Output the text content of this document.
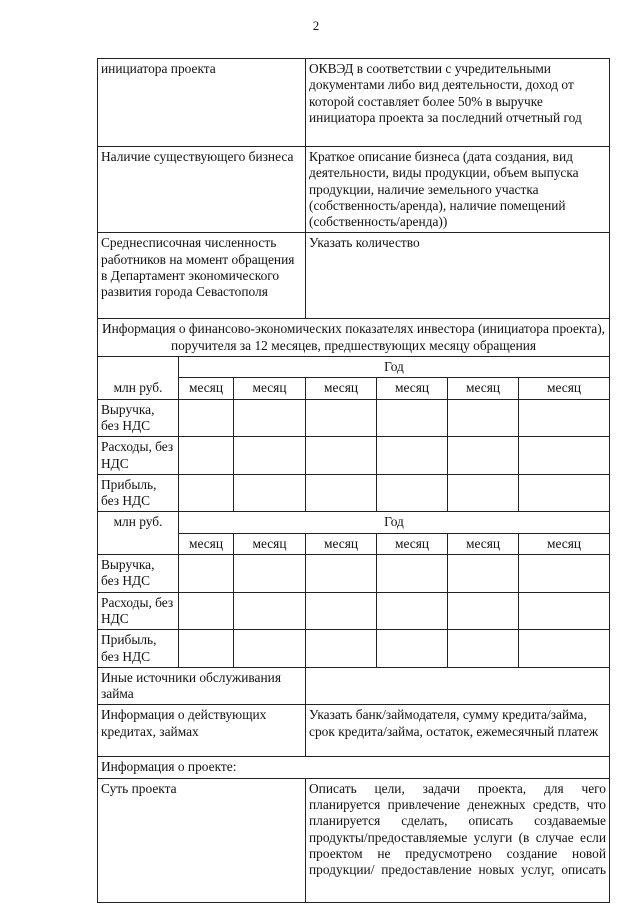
2
инициатора проекта			ОКВЭД в соответствии с учредительными документами либо вид деятельности, доход от которой составляет более 50% в выручке инициатора проекта за последний отчетный год			
Наличие существующего бизнеса			Краткое описание бизнеса (дата создания, вид деятельности, виды продукции, объем выпуска продукции, наличие земельного участка (собственность/аренда), наличие помещений (собственность/аренда))			
Среднесписочная численность работников на момент обращения в Департамент экономического развития города Севастополя			Указать количество			
Информация о финансово-экономических показателях инвестора (инициатора проекта), поручителя за 12 месяцев, предшествующих месяцу обращения						
млн руб.	Год					
	месяц	месяц	месяц	месяц	месяц	месяц
Выручка, без НДС						
Расходы, без НДС						
Прибыль, без НДС						
млн руб.	Год					
	месяц	месяц	месяц	месяц	месяц	месяц
Выручка, без НДС						
Расходы, без НДС						
Прибыль, без НДС						
Иные источники обслуживания займа						
Информация о действующих кредитах, займах			Указать банк/займодателя, сумму кредита/займа, срок кредита/займа, остаток, ежемесячный платеж			
Информация о проекте:						
Суть проекта			Описать цели, задачи проекта, для чего планируется привлечение денежных средств, что планируется сделать, описать создаваемые продукты/предоставляемые услуги (в случае если проектом не предусмотрено создание новой продукции/ предоставление новых услуг, описать			
